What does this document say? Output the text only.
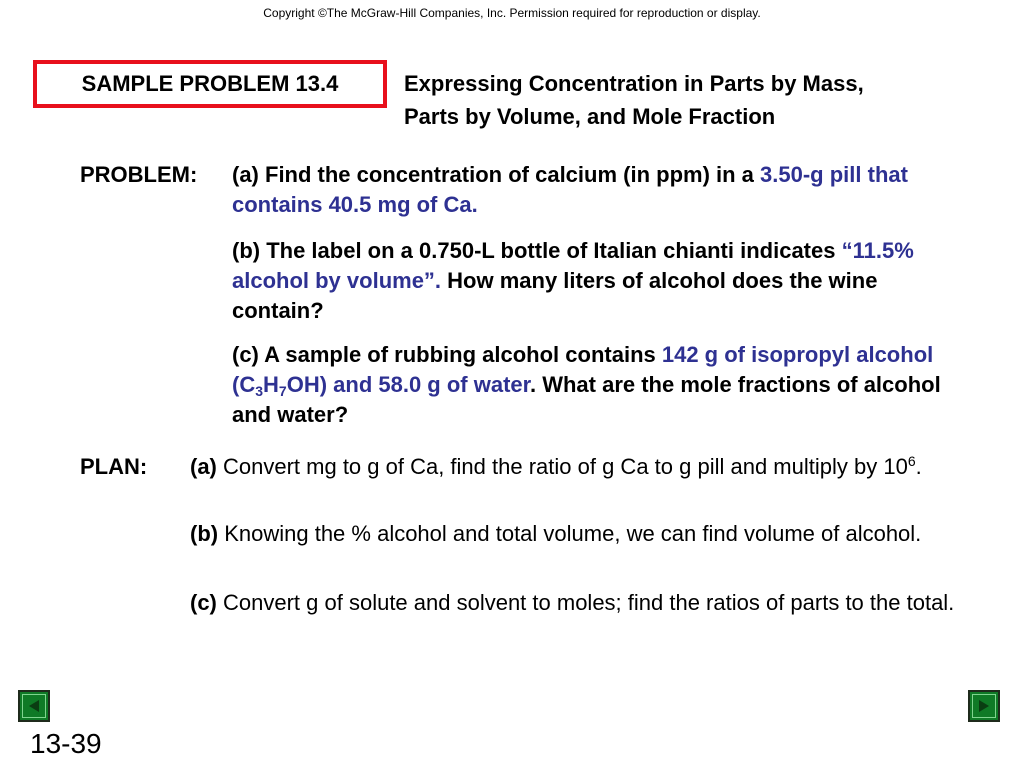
Copyright ©The McGraw-Hill Companies, Inc. Permission required for reproduction or display.
SAMPLE PROBLEM 13.4	Expressing Concentration in Parts by Mass,
Parts by Volume, and Mole Fraction
PROBLEM: (a) Find the concentration of calcium (in ppm) in a 3.50-g pill that contains 40.5 mg of Ca.
(b) The label on a 0.750-L bottle of Italian chianti indicates “11.5% alcohol by volume”. How many liters of alcohol does the wine contain?
(c) A sample of rubbing alcohol contains 142 g of isopropyl alcohol $(C_3H_7OH)$ and 58.0 g of water. What are the mole fractions of alcohol and water?
PLAN: (a) Convert mg to g of Ca, find the ratio of g Ca to g pill and multiply by $10^6$.
(b) Knowing the % alcohol and total volume, we can find volume of alcohol.
(c) Convert g of solute and solvent to moles; find the ratios of parts to the total.
13-39
